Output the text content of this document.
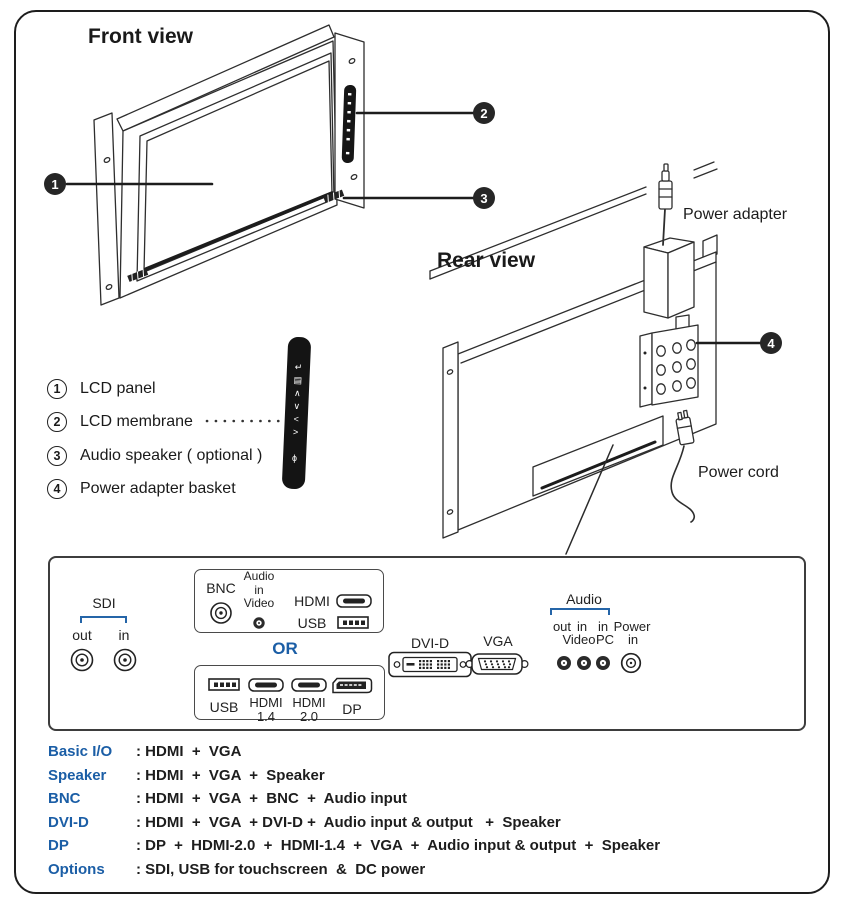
Front view
Rear view
Power adapter
Power cord
1
2
3
4
1	LCD panel
2	LCD membrane
3	Audio speaker ( optional )
4	Power adapter basket
↵
▤
∧
∨
<
>
ɸ
SDI
out	in
BNC
Audio
in
Video	HDMI
USB
OR
USB HDMI
1.4
HDMI
2.0	DP
DVI-D	VGA
Audio
out in in Power
Video PC	in
Basic I/O	: HDMI  +  VGA
Speaker	: HDMI  +  VGA  +  Speaker
BNC	: HDMI  +  VGA  +  BNC  +  Audio input
DVI-D	: HDMI  +  VGA  + DVI-D +  Audio input & output   +  Speaker
DP	: DP  +  HDMI-2.0  +  HDMI-1.4  +  VGA  +  Audio input & output  +  Speaker
Options	: SDI, USB for touchscreen  &  DC power
